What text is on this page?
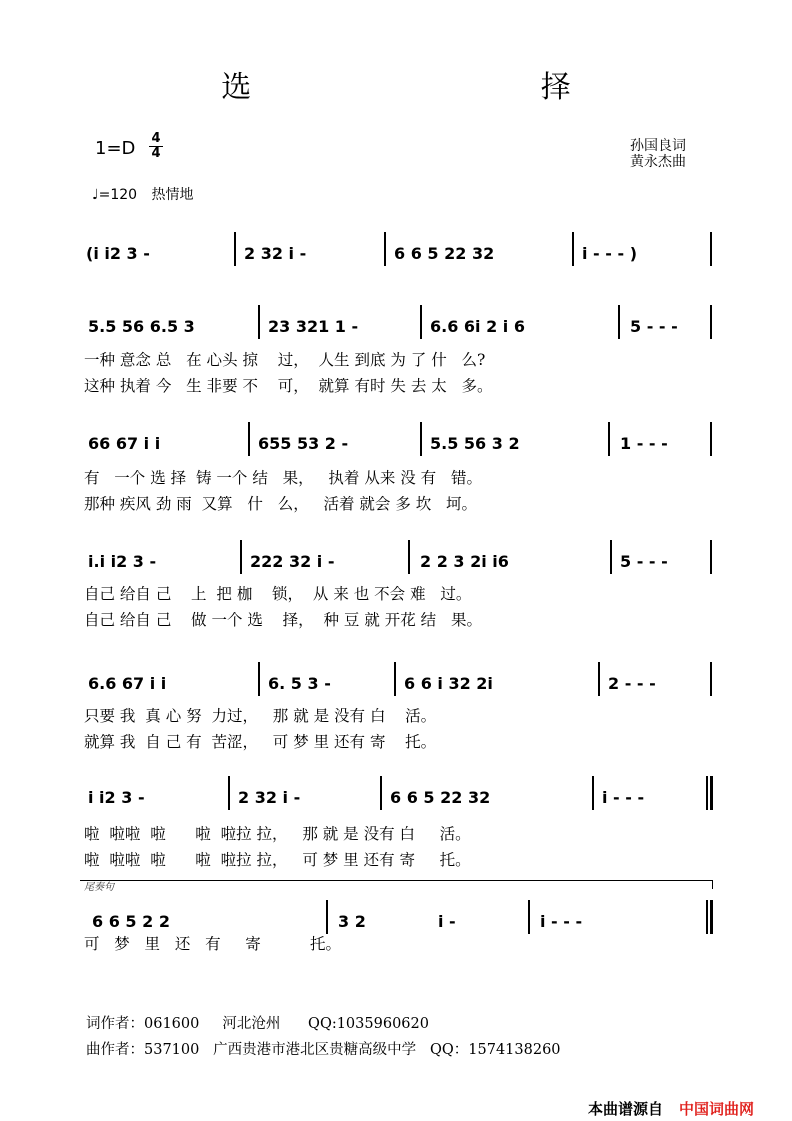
选 择
1=D 4
4	孙国良词
黄永杰曲
♩=120 热情地
(i i2 3 -	2 32 i -	6 6 5 22 32	i - - - )
5.5 56 6.5 3	23 321 1 -	6.6 6i 2 i 6	5 - - -
一种 意念 总   在 心头 掠    过，  人生 到底 为 了 什   么?
这种 执着 今   生 非要 不    可，  就算 有时 失 去 太   多。
66 67 i i	655 53 2 -	5.5 56 3 2	1 - - -
有   一个 选 择  铸 一个 结   果，   执着 从来 没 有   错。
那种 疾风 劲 雨  又算   什   么，   活着 就会 多 坎   坷。
i.i i2 3 -	222 32 i -	2 2 3 2i i6	5 - - -
自己 给自 己    上  把 枷    锁，  从 来 也 不会 难   过。
自己 给自 己    做 一个 选    择，  种 豆 就 开花 结   果。
6.6 67 i i	6. 5 3 -	6 6 i 32 2i	2 - - -
只要 我  真 心 努  力过，   那 就 是 没有 白    活。
就算 我  自 己 有  苦涩，   可 梦 里 还有 寄    托。
i i2 3 -	2 32 i -	6 6 5 22 32	i - - -
啦  啦啦  啦      啦  啦拉 拉，   那 就 是 没有 白     活。
啦  啦啦  啦      啦  啦拉 拉，   可 梦 里 还有 寄     托。
尾奏句
6 6 5 2 2	3 2	i -	i - - -
可   梦   里   还   有     寄          托。
词作者：061600     河北沧州      QQ:1035960620
曲作者：537100   广西贵港市港北区贵糖高级中学   QQ：1574138260
本曲谱源自 中国词曲网
